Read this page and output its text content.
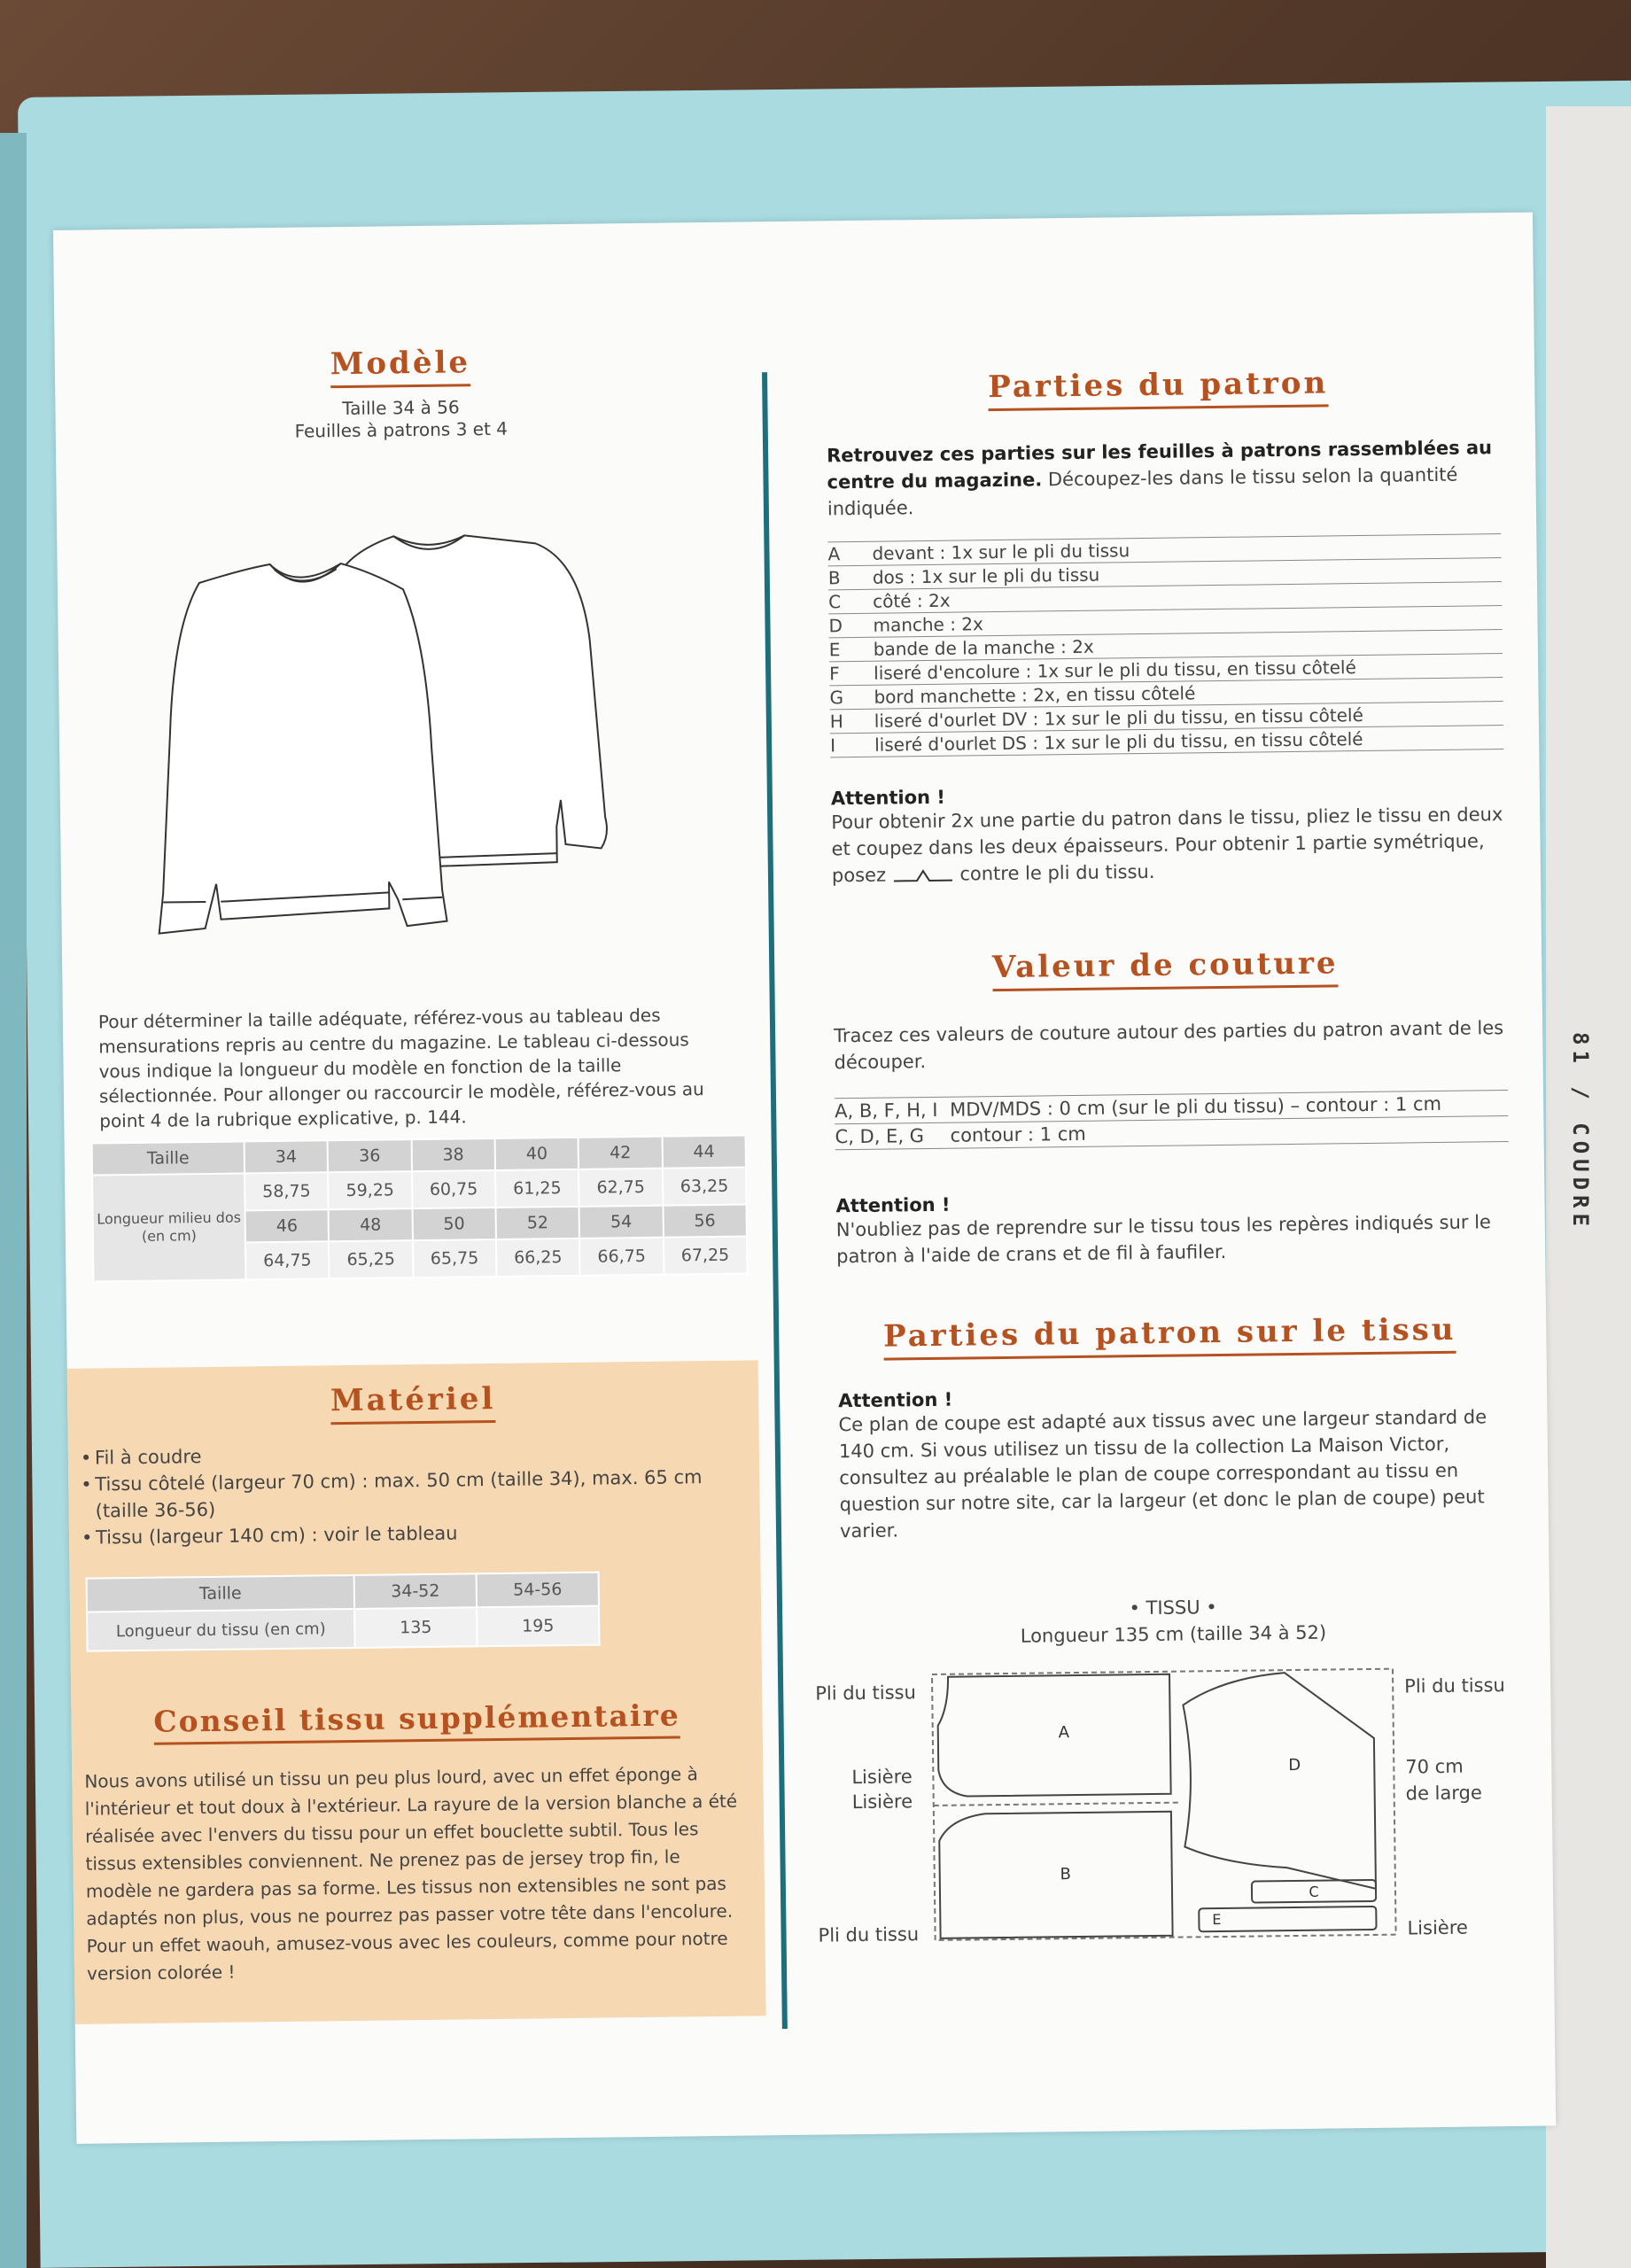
81 / COUDRE
Modèle
Taille 34 à 56
Feuilles à patrons 3 et 4
Pour déterminer la taille adéquate, référez-vous au tableau des mensurations repris au centre du magazine. Le tableau ci-dessous vous indique la longueur du modèle en fonction de la taille sélectionnée. Pour allonger ou raccourcir le modèle, référez-vous au point 4 de la rubrique explicative, p. 144.
Taille	34	36	38	40	42	44
Longueur milieu dos (en cm)	58,75	59,25	60,75	61,25	62,75	63,25
	46	48	50	52	54	56
	64,75	65,25	65,75	66,25	66,75	67,25
Matériel
• Fil à coudre
• Tissu côtelé (largeur 70 cm) : max. 50 cm (taille 34), max. 65 cm (taille 36-56)
• Tissu (largeur 140 cm) : voir le tableau
Taille	34-52	54-56
Longueur du tissu (en cm)	135	195
Conseil tissu supplémentaire
Nous avons utilisé un tissu un peu plus lourd, avec un effet éponge à l'intérieur et tout doux à l'extérieur. La rayure de la version blanche a été réalisée avec l'envers du tissu pour un effet bouclette subtil. Tous les tissus extensibles conviennent. Ne prenez pas de jersey trop fin, le modèle ne gardera pas sa forme. Les tissus non extensibles ne sont pas adaptés non plus, vous ne pourrez pas passer votre tête dans l'encolure. Pour un effet waouh, amusez-vous avec les couleurs, comme pour notre version colorée !
Parties du patron
Retrouvez ces parties sur les feuilles à patrons rassemblées au centre du magazine. Découpez-les dans le tissu selon la quantité indiquée.
A	devant : 1x sur le pli du tissu
B	dos : 1x sur le pli du tissu
C	côté : 2x
D	manche : 2x
E	bande de la manche : 2x
F	liseré d'encolure : 1x sur le pli du tissu, en tissu côtelé
G	bord manchette : 2x, en tissu côtelé
H	liseré d'ourlet DV : 1x sur le pli du tissu, en tissu côtelé
I	liseré d'ourlet DS : 1x sur le pli du tissu, en tissu côtelé
Attention !
Pour obtenir 2x une partie du patron dans le tissu, pliez le tissu en deux et coupez dans les deux épaisseurs. Pour obtenir 1 partie symétrique, posez	contre le pli du tissu.
Valeur de couture
Tracez ces valeurs de couture autour des parties du patron avant de les découper.
A, B, F, H, I MDV/MDS : 0 cm (sur le pli du tissu) – contour : 1 cm
C, D, E, G	contour : 1 cm
Attention !
N'oubliez pas de reprendre sur le tissu tous les repères indiqués sur le patron à l'aide de crans et de fil à faufiler.
Parties du patron sur le tissu
Attention !
Ce plan de coupe est adapté aux tissus avec une largeur standard de 140 cm. Si vous utilisez un tissu de la collection La Maison Victor, consultez au préalable le plan de coupe correspondant au tissu en question sur notre site, car la largeur (et donc le plan de coupe) peut varier.
• TISSU •
Longueur 135 cm (taille 34 à 52)
Pli du tissu
Lisière
Lisière
Pli du tissu
Pli du tissu
70 cm
de large
Lisière
A
B
C
D
E
